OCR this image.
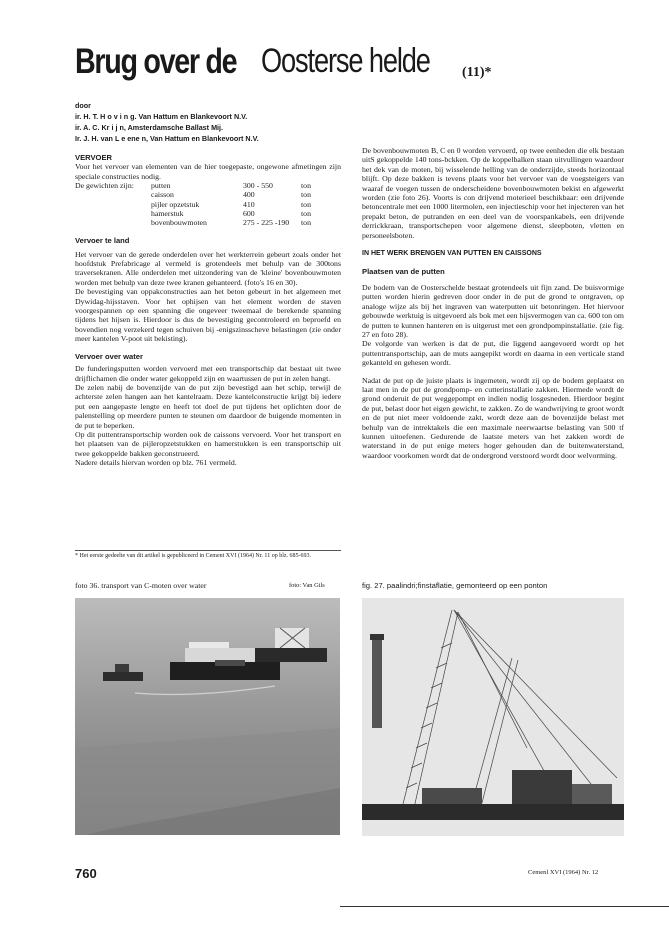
Brug over de Oosterse helde (11)*
door
ir. H. T. H o v i n g. Van Hattum en Blankevoort N.V.
ir. A. C. Kr i j n, Amsterdamsche Ballast Mij.
Ir. J. H. van L e ene n, Van Hattum en Blankevoort N.V.

VERVOER

Voor het vervoer van elementen van de hier toegepaste, ongewone afmetingen zijn speciale constructies nodig.

De gewichten zijn:	putten	300 - 550	ton
	caisson	400	ton
	pijler opzetstuk	410	ton
	hamerstuk	600	ton
	bovenbouwmoten	275 - 225 -190	ton

Vervoer te land

Het vervoer van de gerede onderdelen over het werkterrein gebeurt zoals onder het hoofdstuk Prefabricage al vermeld is grotendeels met behulp van de 300tons traversekranen. Alle onderdelen met uitzondering van de 'kleine' bovenbouwmoten worden met behulp van deze twee kranen gehanteerd. (foto's 16 en 30).

De bevestiging van oppakconstructies aan het beton gebeurt in het algemeen met Dywidag-hijsstaven. Voor het ophijsen van het element worden de staven voorgespannen op een spanning die ongeveer tweemaal de berekende spanning tijdens het hijsen is. Hierdoor is dus de bevestiging gecontroleerd en beproefd en bovendien nog verzekerd tegen schuiven bij -enigszinsscheve belastingen (zie onder meer kantelen V-poot uit bekisting).

Vervoer over water

De funderingsputten worden vervoerd met een transportschip dat bestaat uit twee drijflichamen die onder water gekoppeld zijn en waartussen de put in zelen hangt.

De zelen nabij de bovenzijde van de put zijn bevestigd aan het schip, terwijl de achterste zelen hangen aan het kantelraam. Deze kantelconstructie krijgt bij iedere put een aangepaste lengte en heeft tot doel de put tijdens het oplichten door de palenstelling op meerdere punten te steunen om daardoor de buigende momenten in de put te beperken.

Op dit puttentransportschip worden ook de caissons vervoerd. Voor het transport en het plaatsen van de pijleropzetstukken en hamerstukken is een transportschip uit twee gekoppelde bakken geconstrueerd.

Nadere details hiervan worden op blz. 761 vermeld.

* Het eerste gedeelte van dit artikel is gepubliceerd in Cement XVI (1964) Nr. 11 op blz. 685-693.

De bovenbouwmoten B, C en 0 worden vervoerd, op twee eenheden die elk bestaan uitS gekoppelde 140 tons-bckken. Op de koppelbalken staan uitvullingen waardoor het dek van de moten, bij wisselende helling van de onderzijde, steeds horizontaal blijft. Op deze bakken is tevens plaats voor het vervoer van de voegsteigers van waaraf de voegen tussen de onderscheidene bovenbouwmoten bekist en afgewerkt worden (zie foto 26). Voorts is con drijvend moterieel beschikbaar: een drijvende betoncentrale met een 1000 litermolen, een injectieschip voor het injecteren van het prepakt beton, de putranden en een deel van de voorspankabels, een drijvende derrickkraan, transportschepen voor algemene dienst, sleepboten, vletten en personeelsboten.

IN HET WERK BRENGEN VAN PUTTEN EN CAISSONS

Plaatsen van de putten

De bodem van de Oosterschelde bestaat grotendeels uit fijn zand. De buisvormige putten worden hierin gedreven door onder in de put de grond te ontgraven, op analoge wijze als bij het ingraven van waterputten uit betonringen. Het hiervoor gebouwde werktuig is uitgevoerd als bok met een hijsvermogen van ca. 600 ton om de putten te kunnen hanteren en is uitgerust met een grondpompinstallatie. (zie fig. 27 en foto 28).

De volgorde van werken is dat de put, die liggend aangevoerd wordt op het puttentransportschip, aan de muts aangepikt wordt en daarna in een verticale stand gekanteld en gehesen wordt.

Nadat de put op de juiste plaats is ingemeten, wordt zij op de bodem geplaatst en laat men in de put de grondpomp- en cutterinstallatie zakken. Hiermede wordt de grond onderuit de put weggepompt en indien nodig losgesneden. Hierdoor begint de put, belast door het eigen gewicht, te zakken. Zo de wandwrijving te groot wordt en de put niet meer voldoende zakt, wordt deze aan de bovenzijde belast met behulp van de intrektakels die een maximale neerwaartse belasting van 500 tf kunnen uitoefenen. Gedurende de laatste meters van het zakken wordt de waterstand in de put enige meters hoger gehouden dan de buitenwaterstand, waardoor voorkomen wordt dat de ondergrond verstoord wordt door welvorming.

foto 36. transport van C-moten over water	foto: Van Gils	fig. 27. paalindri;finstaflatie, gemonteerd op een ponton
760	Cemenl XVI (1964) Nr. 12
